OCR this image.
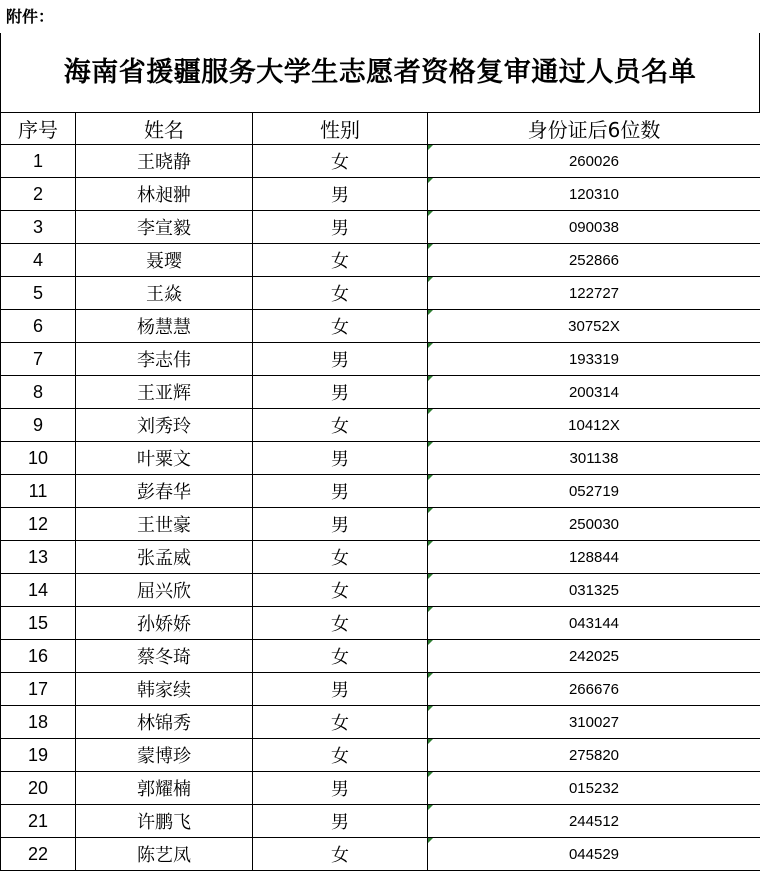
附件：
海南省援疆服务大学生志愿者资格复审通过人员名单
序号	姓名	性别	身份证后6位数
1	王晓静	女	260026
2	林昶翀	男	120310
3	李宣毅	男	090038
4	聂璎	女	252866
5	王焱	女	122727
6	杨慧慧	女	30752X
7	李志伟	男	193319
8	王亚辉	男	200314
9	刘秀玲	女	10412X
10	叶粟文	男	301138
11	彭春华	男	052719
12	王世豪	男	250030
13	张孟威	女	128844
14	屈兴欣	女	031325
15	孙娇娇	女	043144
16	蔡冬琦	女	242025
17	韩家续	男	266676
18	林锦秀	女	310027
19	蒙博珍	女	275820
20	郭耀楠	男	015232
21	许鹏飞	男	244512
22	陈艺凤	女	044529
